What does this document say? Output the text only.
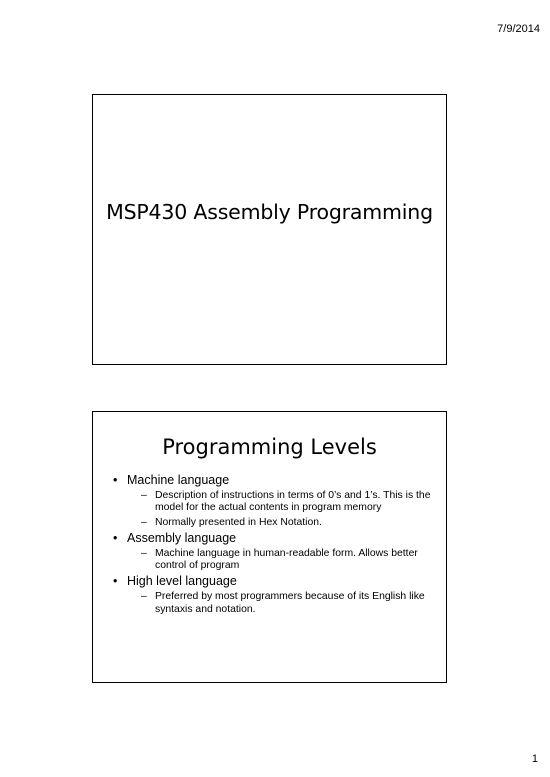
7/9/2014
MSP430 Assembly Programming
Programming Levels
• Machine language
– Description of instructions in terms of 0’s and 1’s. This is the model for the actual contents in program memory
– Normally presented in Hex Notation.
• Assembly language
– Machine language in human-readable form. Allows better control of program
• High level language
– Preferred by most programmers because of its English like syntaxis and notation.
1
